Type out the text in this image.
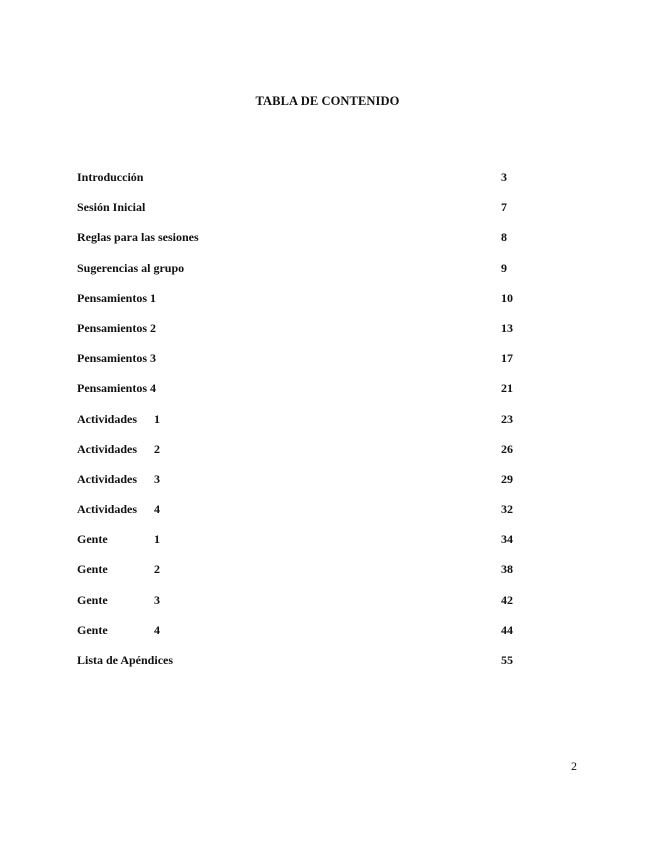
TABLA DE CONTENIDO
Introducción	3
Sesión Inicial	7
Reglas para las sesiones	8
Sugerencias al grupo	9
Pensamientos 1	10
Pensamientos 2	13
Pensamientos 3	17
Pensamientos 4	21
Actividades 1	23
Actividades 2	26
Actividades 3	29
Actividades 4	32
Gente	1	34
Gente	2	38
Gente	3	42
Gente	4	44
Lista de Apéndices	55
2
